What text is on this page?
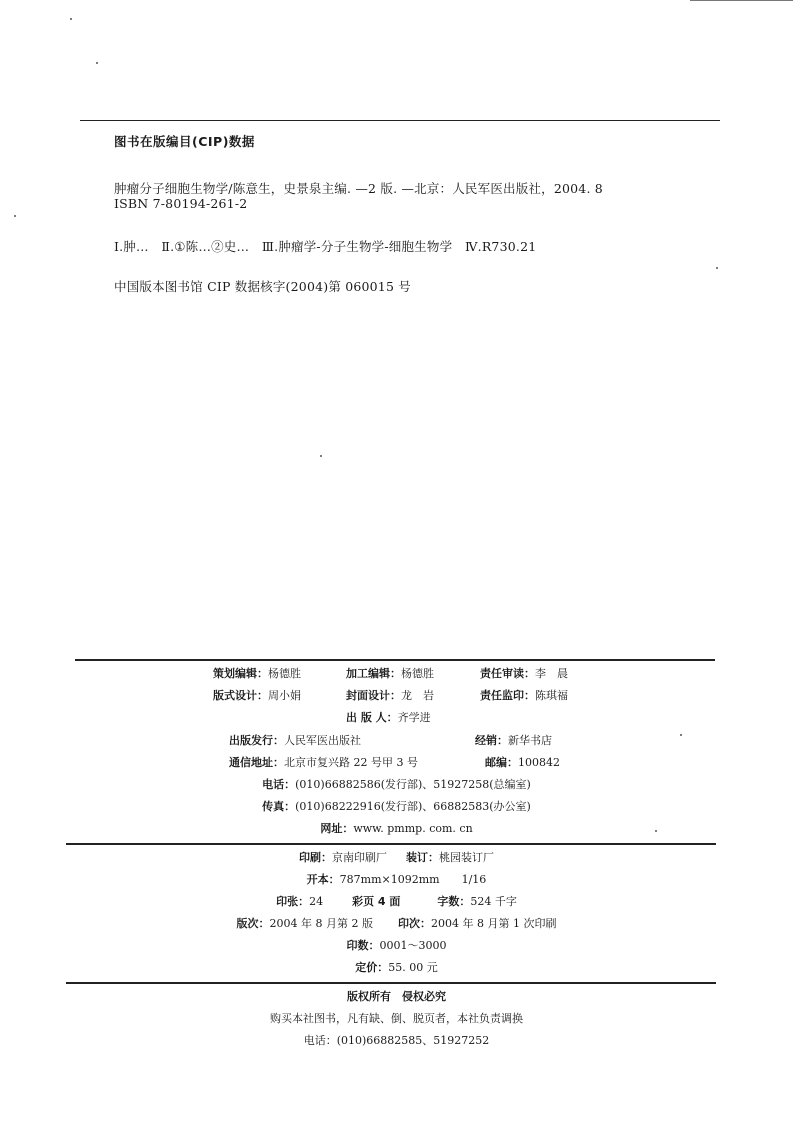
图书在版编目(CIP)数据
肿瘤分子细胞生物学/陈意生，史景泉主编. —2 版. —北京：人民军医出版社，2004. 8
ISBN 7-80194-261-2
Ⅰ.肿…　Ⅱ.①陈…②史…　Ⅲ.肿瘤学-分子生物学-细胞生物学　Ⅳ.R730.21
中国版本图书馆 CIP 数据核字(2004)第 060015 号
策划编辑：杨德胜	加工编辑：杨德胜	责任审读：李　晨
版式设计：周小娟	封面设计：龙　岩	责任监印：陈琪福
出 版 人：齐学进
出版发行：人民军医出版社	经销：新华书店
通信地址：北京市复兴路 22 号甲 3 号	邮编：100842
电话：(010)66882586(发行部)、51927258(总编室)
传真：(010)68222916(发行部)、66882583(办公室)
网址：www. pmmp. com. cn
印刷：京南印刷厂 装订：桃园装订厂
开本：787mm×1092mm　　1/16
印张：24	彩页 4 面	字数：524 千字
版次：2004 年 8 月第 2 版 印次：2004 年 8 月第 1 次印刷
印数：0001～3000
定价：55. 00 元
版权所有　侵权必究
购买本社图书，凡有缺、倒、脱页者，本社负责调换
电话：(010)66882585、51927252
